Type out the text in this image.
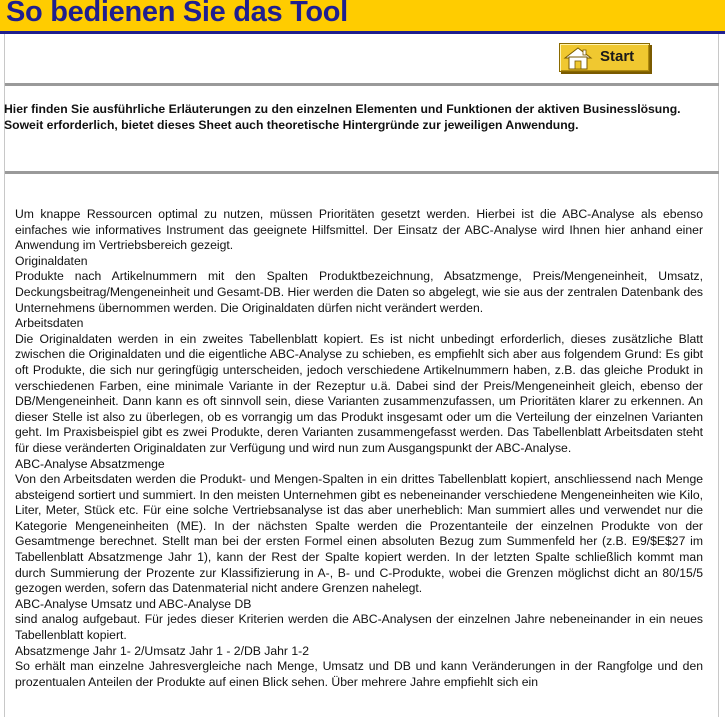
So bedienen Sie das Tool
Start
Hier finden Sie ausführliche Erläuterungen zu den einzelnen Elementen und Funktionen der aktiven Businesslösung. Soweit erforderlich, bietet dieses Sheet auch theoretische Hintergründe zur jeweiligen Anwendung.
Um knappe Ressourcen optimal zu nutzen, müssen Prioritäten gesetzt werden. Hierbei ist die ABC-Analyse als ebenso einfaches wie informatives Instrument das geeignete Hilfsmittel. Der Einsatz der ABC-Analyse wird Ihnen hier anhand einer Anwendung im Vertriebsbereich gezeigt.
Originaldaten
Produkte nach Artikelnummern mit den Spalten Produktbezeichnung, Absatzmenge, Preis/Mengeneinheit, Umsatz, Deckungsbeitrag/Mengeneinheit und Gesamt-DB. Hier werden die Daten so abgelegt, wie sie aus der zentralen Datenbank des Unternehmens übernommen werden. Die Originaldaten dürfen nicht verändert werden.
Arbeitsdaten
Die Originaldaten werden in ein zweites Tabellenblatt kopiert. Es ist nicht unbedingt erforderlich, dieses zusätzliche Blatt zwischen die Originaldaten und die eigentliche ABC-Analyse zu schieben, es empfiehlt sich aber aus folgendem Grund: Es gibt oft Produkte, die sich nur geringfügig unterscheiden, jedoch verschiedene Artikelnummern haben, z.B. das gleiche Produkt in verschiedenen Farben, eine minimale Variante in der Rezeptur u.ä. Dabei sind der Preis/Mengeneinheit gleich, ebenso der DB/Mengeneinheit. Dann kann es oft sinnvoll sein, diese Varianten zusammenzufassen, um Prioritäten klarer zu erkennen. An dieser Stelle ist also zu überlegen, ob es vorrangig um das Produkt insgesamt oder um die Verteilung der einzelnen Varianten geht. Im Praxisbeispiel gibt es zwei Produkte, deren Varianten zusammengefasst werden. Das Tabellenblatt Arbeitsdaten steht für diese veränderten Originaldaten zur Verfügung und wird nun zum Ausgangspunkt der ABC-Analyse.
ABC-Analyse Absatzmenge
Von den Arbeitsdaten werden die Produkt- und Mengen-Spalten in ein drittes Tabellenblatt kopiert, anschliessend nach Menge absteigend sortiert und summiert. In den meisten Unternehmen gibt es nebeneinander verschiedene Mengeneinheiten wie Kilo, Liter, Meter, Stück etc. Für eine solche Vertriebsanalyse ist das aber unerheblich: Man summiert alles und verwendet nur die Kategorie Mengeneinheiten (ME). In der nächsten Spalte werden die Prozentanteile der einzelnen Produkte von der Gesamtmenge berechnet. Stellt man bei der ersten Formel einen absoluten Bezug zum Summenfeld her (z.B. E9/$E$27 im Tabellenblatt Absatzmenge Jahr 1), kann der Rest der Spalte kopiert werden. In der letzten Spalte schließlich kommt man durch Summierung der Prozente zur Klassifizierung in A-, B- und C-Produkte, wobei die Grenzen möglichst dicht an 80/15/5 gezogen werden, sofern das Datenmaterial nicht andere Grenzen nahelegt.
ABC-Analyse Umsatz und ABC-Analyse DB
sind analog aufgebaut. Für jedes dieser Kriterien werden die ABC-Analysen der einzelnen Jahre nebeneinander in ein neues Tabellenblatt kopiert.
Absatzmenge Jahr 1- 2/Umsatz Jahr 1 - 2/DB Jahr 1-2
So erhält man einzelne Jahresvergleiche nach Menge, Umsatz und DB und kann Veränderungen in der Rangfolge und den prozentualen Anteilen der Produkte auf einen Blick sehen. Über mehrere Jahre empfiehlt sich ein
